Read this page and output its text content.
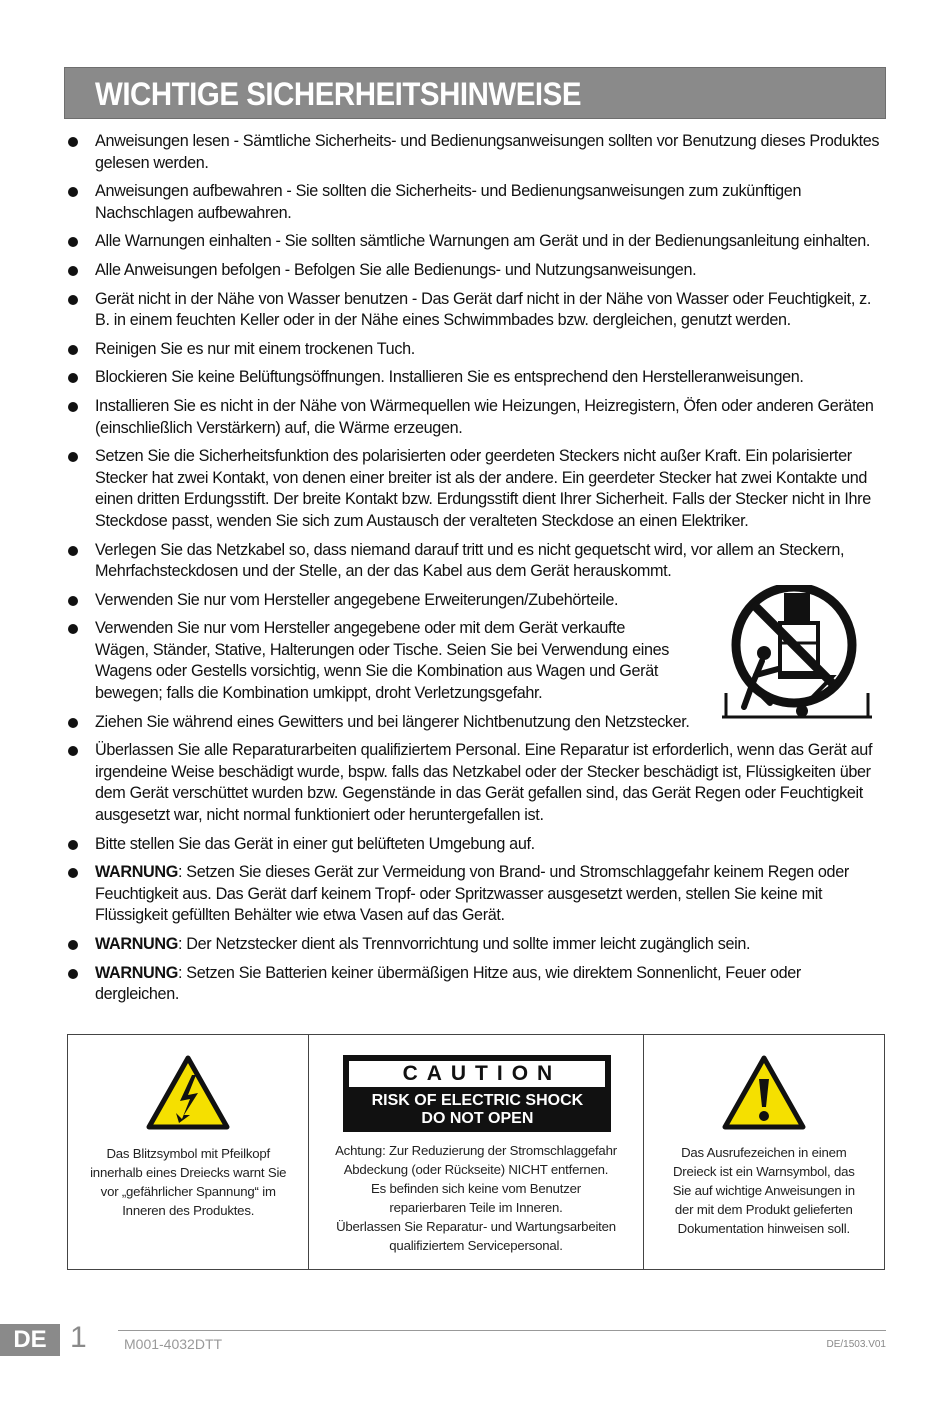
WICHTIGE SICHERHEITSHINWEISE
Anweisungen lesen - Sämtliche Sicherheits- und Bedienungsanweisungen sollten vor Benutzung dieses Produktes gelesen werden.
Anweisungen aufbewahren - Sie sollten die Sicherheits- und Bedienungsanweisungen zum zukünftigen Nachschlagen aufbewahren.
Alle Warnungen einhalten - Sie sollten sämtliche Warnungen am Gerät und in der Bedienungsanleitung einhalten.
Alle Anweisungen befolgen - Befolgen Sie alle Bedienungs- und Nutzungsanweisungen.
Gerät nicht in der Nähe von Wasser benutzen - Das Gerät darf nicht in der Nähe von Wasser oder Feuchtigkeit, z. B. in einem feuchten Keller oder in der Nähe eines Schwimmbades bzw. dergleichen, genutzt werden.
Reinigen Sie es nur mit einem trockenen Tuch.
Blockieren Sie keine Belüftungsöffnungen. Installieren Sie es entsprechend den Herstelleranweisungen.
Installieren Sie es nicht in der Nähe von Wärmequellen wie Heizungen, Heizregistern, Öfen oder anderen Geräten (einschließlich Verstärkern) auf, die Wärme erzeugen.
Setzen Sie die Sicherheitsfunktion des polarisierten oder geerdeten Steckers nicht außer Kraft. Ein polarisierter Stecker hat zwei Kontakt, von denen einer breiter ist als der andere. Ein geerdeter Stecker hat zwei Kontakte und einen dritten Erdungsstift. Der breite Kontakt bzw. Erdungsstift dient Ihrer Sicherheit. Falls der Stecker nicht in Ihre Steckdose passt, wenden Sie sich zum Austausch der veralteten Steckdose an einen Elektriker.
Verlegen Sie das Netzkabel so, dass niemand darauf tritt und es nicht gequetscht wird, vor allem an Steckern, Mehrfachsteckdosen und der Stelle, an der das Kabel aus dem Gerät herauskommt.
Verwenden Sie nur vom Hersteller angegebene Erweiterungen/Zubehörteile.
Verwenden Sie nur vom Hersteller angegebene oder mit dem Gerät verkaufte Wägen, Ständer, Stative, Halterungen oder Tische. Seien Sie bei Verwendung eines Wagens oder Gestells vorsichtig, wenn Sie die Kombination aus Wagen und Gerät bewegen; falls die Kombination umkippt, droht Verletzungsgefahr.
Ziehen Sie während eines Gewitters und bei längerer Nichtbenutzung den Netzstecker.
Überlassen Sie alle Reparaturarbeiten qualifiziertem Personal. Eine Reparatur ist erforderlich, wenn das Gerät auf irgendeine Weise beschädigt wurde, bspw. falls das Netzkabel oder der Stecker beschädigt ist, Flüssigkeiten über dem Gerät verschüttet wurden bzw. Gegenstände in das Gerät gefallen sind, das Gerät Regen oder Feuchtigkeit ausgesetzt war, nicht normal funktioniert oder heruntergefallen ist.
Bitte stellen Sie das Gerät in einer gut belüfteten Umgebung auf.
WARNUNG: Setzen Sie dieses Gerät zur Vermeidung von Brand- und Stromschlaggefahr keinem Regen oder Feuchtigkeit aus. Das Gerät darf keinem Tropf- oder Spritzwasser ausgesetzt werden, stellen Sie keine mit Flüssigkeit gefüllten Behälter wie etwa Vasen auf das Gerät.
WARNUNG: Der Netzstecker dient als Trennvorrichtung und sollte immer leicht zugänglich sein.
WARNUNG: Setzen Sie Batterien keiner übermäßigen Hitze aus, wie direktem Sonnenlicht, Feuer oder dergleichen.

Das Blitzsymbol mit Pfeilkopf
innerhalb eines Dreiecks warnt Sie
vor „gefährlicher Spannung“ im
Inneren des Produktes.

CAUTION
RISK OF ELECTRIC SHOCK
DO NOT OPEN

Achtung: Zur Reduzierung der Stromschlaggefahr
Abdeckung (oder Rückseite) NICHT entfernen.
Es befinden sich keine vom Benutzer
reparierbaren Teile im Inneren.
Überlassen Sie Reparatur- und Wartungsarbeiten
qualifiziertem Servicepersonal.

Das Ausrufezeichen in einem
Dreieck ist ein Warnsymbol, das
Sie auf wichtige Anweisungen in
der mit dem Produkt gelieferten
Dokumentation hinweisen soll.

DE 1	M001-4032DTT	DE/1503.V01
